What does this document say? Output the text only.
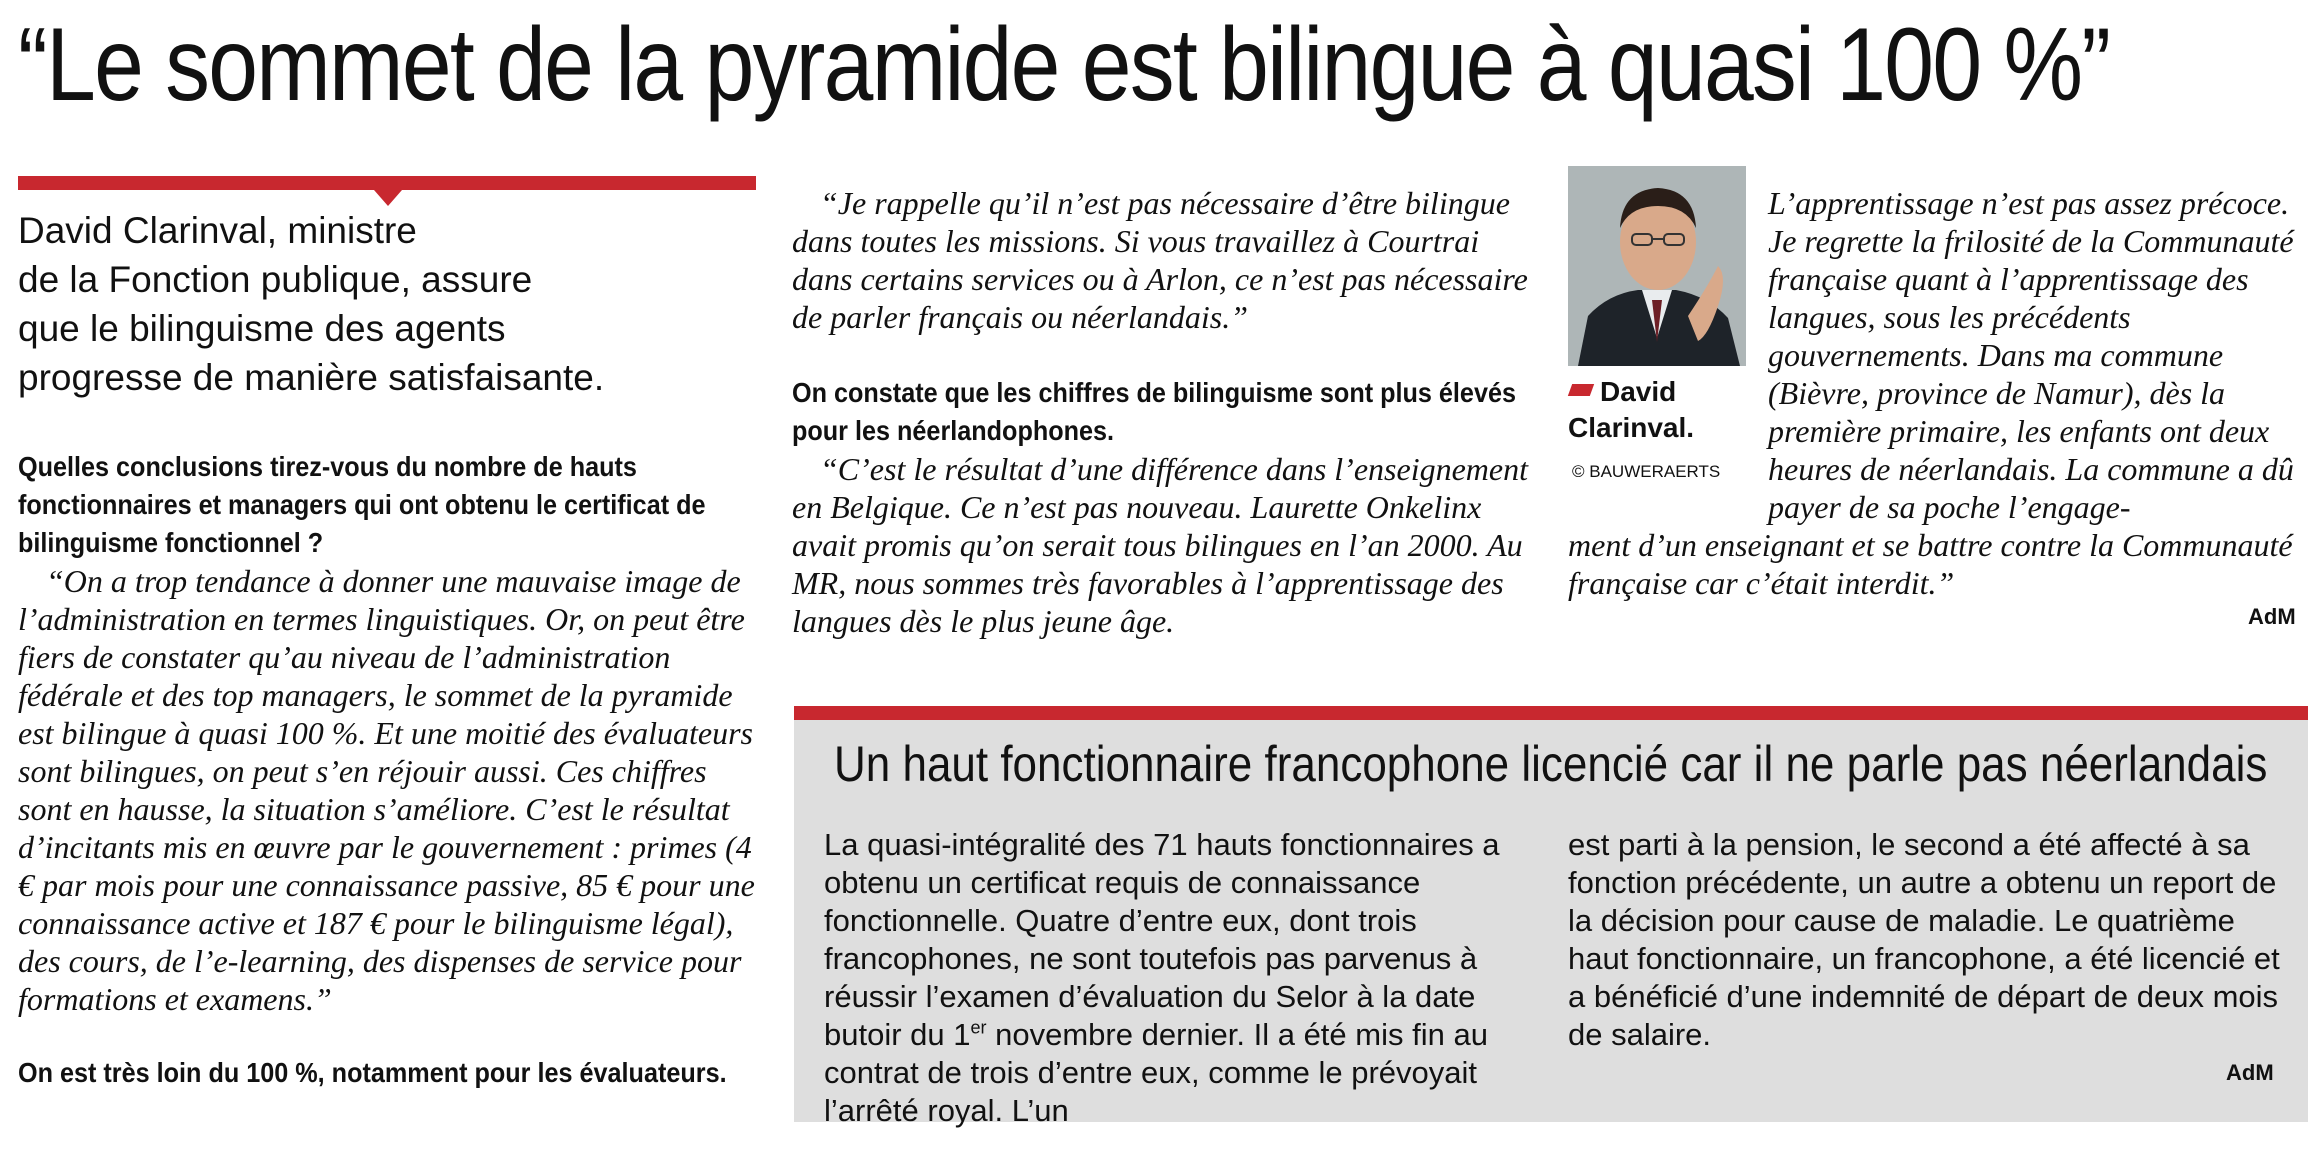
“Le sommet de la pyramide est bilingue à quasi 100 %”
David Clarinval, ministre
de la Fonction publique, assure
que le bilinguisme des agents
progresse de manière satisfaisante.
Quelles conclusions tirez-vous du nombre de hauts fonctionnaires et managers qui ont obtenu le certificat de bilinguisme fonctionnel ?

“On a trop tendance à donner une mauvaise image de l’administration en termes linguistiques. Or, on peut être fiers de constater qu’au niveau de l’administration fédérale et des top managers, le sommet de la pyramide est bilingue à quasi 100 %. Et une moitié des évaluateurs sont bilingues, on peut s’en réjouir aussi. Ces chiffres sont en hausse, la situation s’améliore. C’est le résultat d’incitants mis en œuvre par le gouvernement : primes (4 € par mois pour une connaissance passive, 85 € pour une connaissance active et 187 € pour le bilinguisme légal), des cours, de l’e-learning, des dispenses de service pour formations et examens.”

On est très loin du 100 %, notamment pour les évaluateurs.

“Je rappelle qu’il n’est pas nécessaire d’être bilingue dans toutes les missions. Si vous travaillez à Courtrai dans certains services ou à Arlon, ce n’est pas nécessaire de parler français ou néerlandais.”

On constate que les chiffres de bilinguisme sont plus élevés pour les néerlandophones.

“C’est le résultat d’une différence dans l’enseignement en Belgique. Ce n’est pas nouveau. Laurette Onkelinx avait promis qu’on serait tous bilingues en l’an 2000. Au MR, nous sommes très favorables à l’apprentissage des langues dès le plus jeune âge.

David Clarinval.
© BAUWERAERTS
L’apprentissage n’est pas assez précoce. Je regrette la frilosité de la Communauté française quant à l’apprentissage des langues, sous les précédents gouvernements. Dans ma commune (Bièvre, province de Namur), dès la première primaire, les enfants ont deux heures de néerlandais. La commune a dû payer de sa poche l’engage-
ment d’un enseignant et se battre contre la Communauté française car c’était interdit.”
AdM
Un haut fonctionnaire francophone licencié car il ne parle pas néerlandais

La quasi-intégralité des 71 hauts fonctionnaires a obtenu un certificat requis de connaissance fonctionnelle. Quatre d’entre eux, dont trois francophones, ne sont toutefois pas parvenus à réussir l’examen d’évaluation du Selor à la date butoir du 1er novembre dernier. Il a été mis fin au contrat de trois d’entre eux, comme le prévoyait l’arrêté royal. L’un

est parti à la pension, le second a été affecté à sa fonction précédente, un autre a obtenu un report de la décision pour cause de maladie. Le quatrième haut fonctionnaire, un francophone, a été licencié et a bénéficié d’une indemnité de départ de deux mois de salaire.

AdM
